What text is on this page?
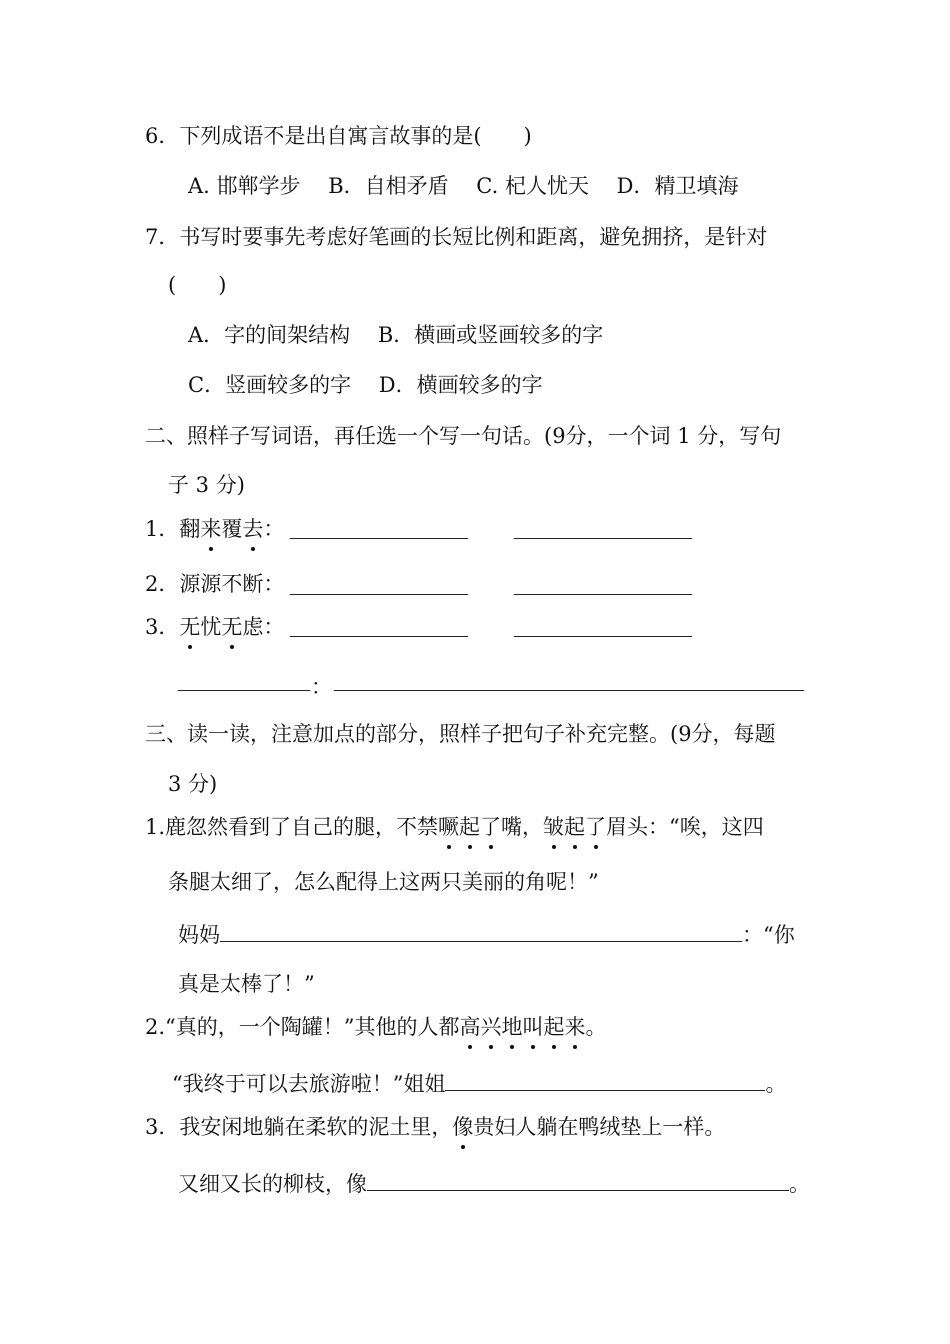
6．下列成语不是出自寓言故事的是(　　)
A. 邯郸学步　 B．自相矛盾　 C. 杞人忧天　 D．精卫填海
7．书写时要事先考虑好笔画的长短比例和距离，避免拥挤，是针对
(　　)
A．字的间架结构　 B．横画或竖画较多的字
C．竖画较多的字　 D．横画较多的字
二、照样子写词语，再任选一个写一句话。(9分，一个词 1 分，写句
子 3 分)
1．翻来覆去：
2．源源不断：
3．无忧无虑：
：
三、读一读，注意加点的部分，照样子把句子补充完整。(9分，每题
3 分)
1.鹿忽然看到了自己的腿，不禁噘起了嘴，皱起了眉头：“唉，这四
条腿太细了，怎么配得上这两只美丽的角呢！”
妈妈	：“你
真是太棒了！”
2.“真的，一个陶罐！”其他的人都高兴地叫起来。
“我终于可以去旅游啦！”姐姐	。
3．我安闲地躺在柔软的泥土里，像贵妇人躺在鸭绒垫上一样。
又细又长的柳枝，像	。
